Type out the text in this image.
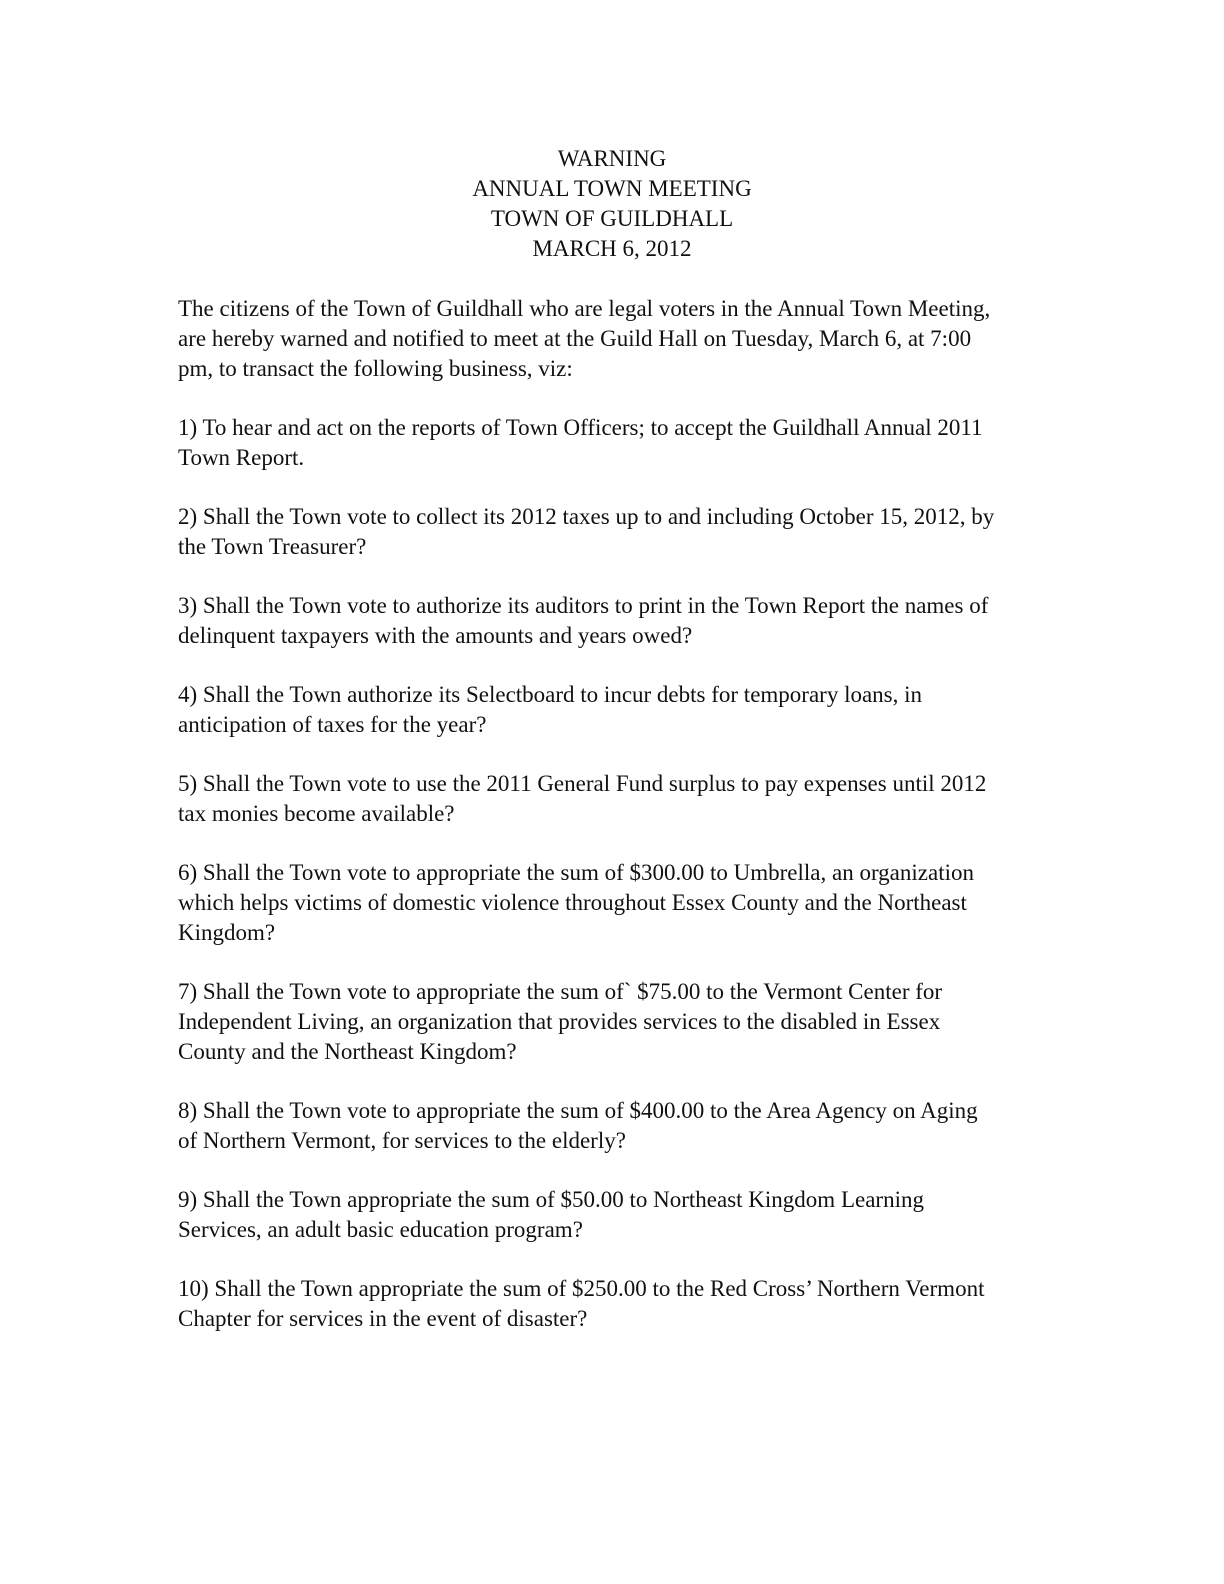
WARNING
ANNUAL TOWN MEETING
TOWN OF GUILDHALL
MARCH 6, 2012
The citizens of the Town of Guildhall who are legal voters in the Annual Town Meeting,
are hereby warned and notified to meet at the Guild Hall on Tuesday, March 6, at 7:00
pm, to transact the following business, viz:
1) To hear and act on the reports of Town Officers; to accept the Guildhall Annual 2011
Town Report.
2) Shall the Town vote to collect its 2012 taxes up to and including October 15, 2012, by
the Town Treasurer?
3) Shall the Town vote to authorize its auditors to print in the Town Report the names of
delinquent taxpayers with the amounts and years owed?
4) Shall the Town authorize its Selectboard to incur debts for temporary loans, in
anticipation of taxes for the year?
5) Shall the Town vote to use the 2011 General Fund surplus to pay expenses until 2012
tax monies become available?
6) Shall the Town vote to appropriate the sum of $300.00 to Umbrella, an organization
which helps victims of domestic violence throughout Essex County and the Northeast
Kingdom?
7) Shall the Town vote to appropriate the sum of` $75.00 to the Vermont Center for
Independent Living, an organization that provides services to the disabled in Essex
County and the Northeast Kingdom?
8) Shall the Town vote to appropriate the sum of $400.00 to the Area Agency on Aging
of Northern Vermont, for services to the elderly?
9) Shall the Town appropriate the sum of $50.00 to Northeast Kingdom Learning
Services, an adult basic education program?
10) Shall the Town appropriate the sum of $250.00 to the Red Cross’ Northern Vermont
Chapter for services in the event of disaster?
